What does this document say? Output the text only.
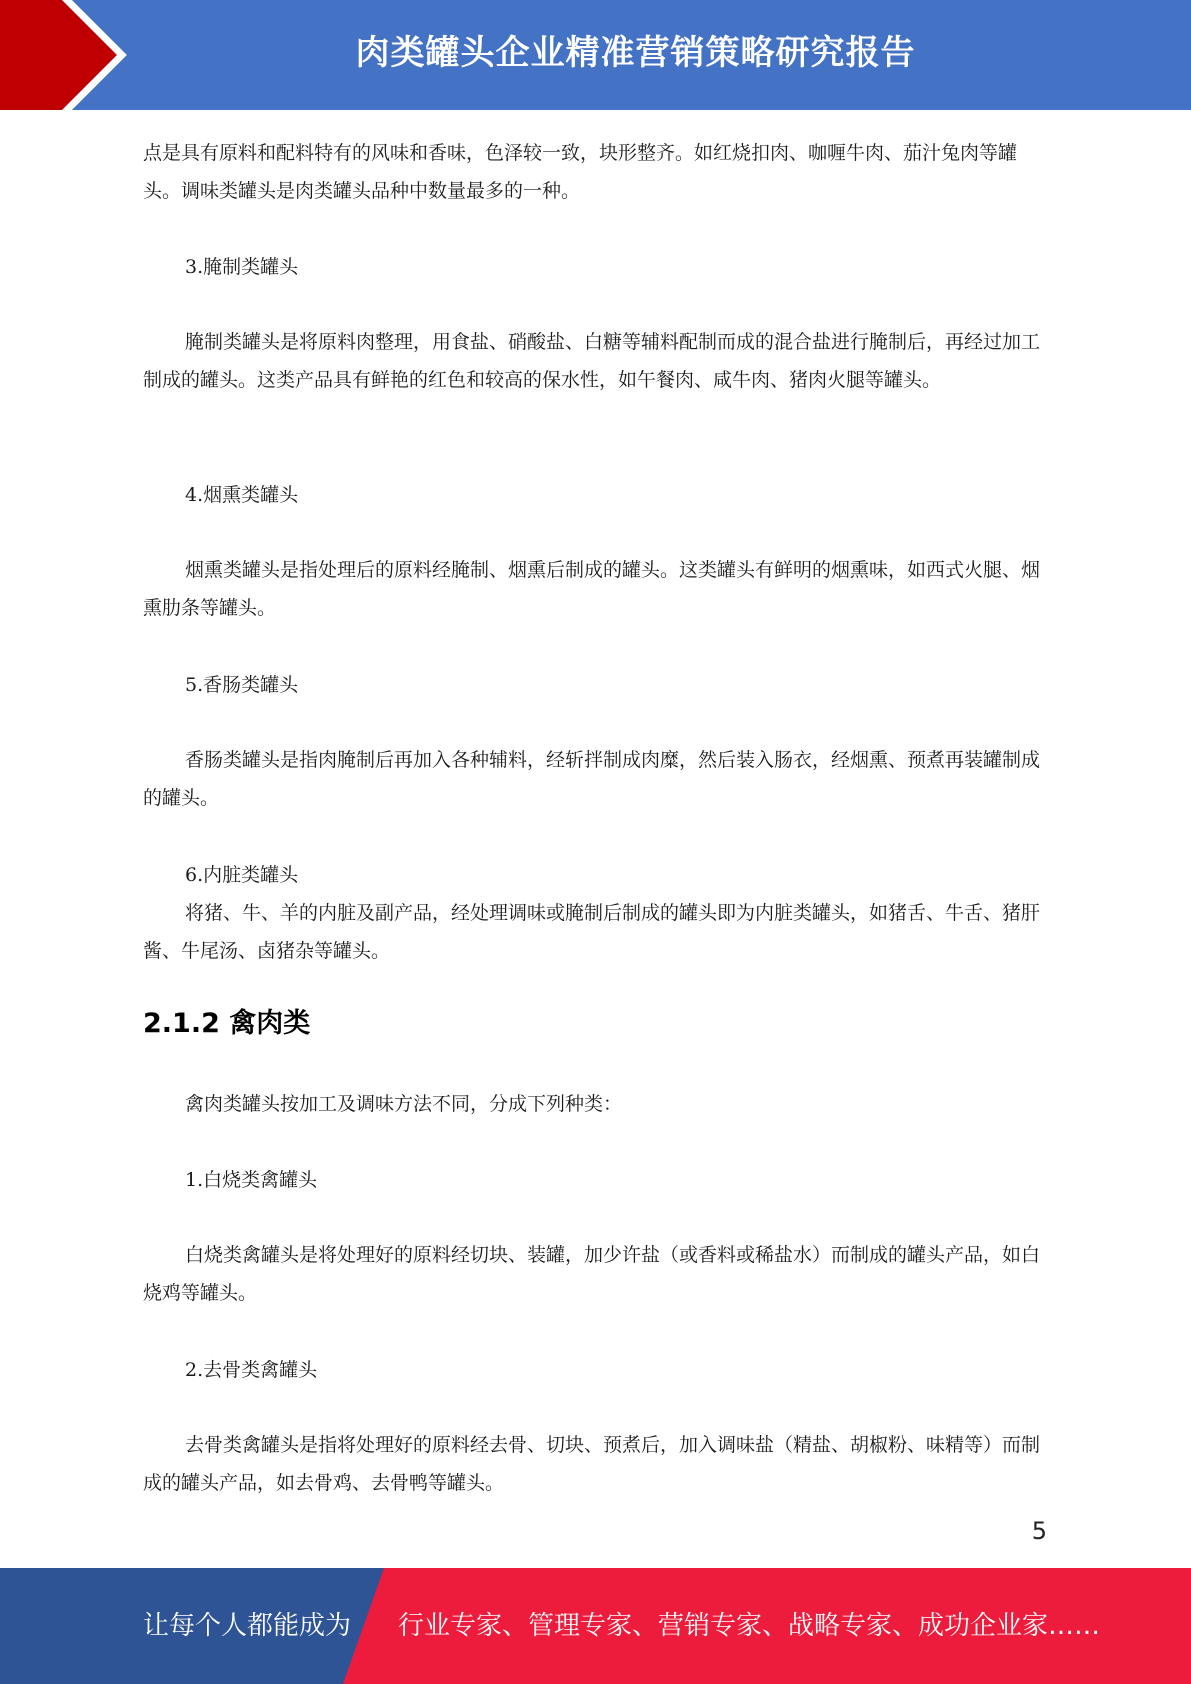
肉类罐头企业精准营销策略研究报告

点是具有原料和配料特有的风味和香味，色泽较一致，块形整齐。如红烧扣肉、咖喱牛肉、茄汁兔肉等罐头。调味类罐头是肉类罐头品种中数量最多的一种。

3.腌制类罐头

腌制类罐头是将原料肉整理，用食盐、硝酸盐、白糖等辅料配制而成的混合盐进行腌制后，再经过加工制成的罐头。这类产品具有鲜艳的红色和较高的保水性，如午餐肉、咸牛肉、猪肉火腿等罐头。

4.烟熏类罐头

烟熏类罐头是指处理后的原料经腌制、烟熏后制成的罐头。这类罐头有鲜明的烟熏味，如西式火腿、烟熏肋条等罐头。

5.香肠类罐头

香肠类罐头是指肉腌制后再加入各种辅料，经斩拌制成肉糜，然后装入肠衣，经烟熏、预煮再装罐制成的罐头。

6.内脏类罐头

将猪、牛、羊的内脏及副产品，经处理调味或腌制后制成的罐头即为内脏类罐头，如猪舌、牛舌、猪肝酱、牛尾汤、卤猪杂等罐头。

2.1.2 禽肉类

禽肉类罐头按加工及调味方法不同，分成下列种类：

1.白烧类禽罐头

白烧类禽罐头是将处理好的原料经切块、装罐，加少许盐（或香料或稀盐水）而制成的罐头产品，如白烧鸡等罐头。

2.去骨类禽罐头

去骨类禽罐头是指将处理好的原料经去骨、切块、预煮后，加入调味盐（精盐、胡椒粉、味精等）而制成的罐头产品，如去骨鸡、去骨鸭等罐头。

5
让每个人都能成为 行业专家、管理专家、营销专家、战略专家、成功企业家……
